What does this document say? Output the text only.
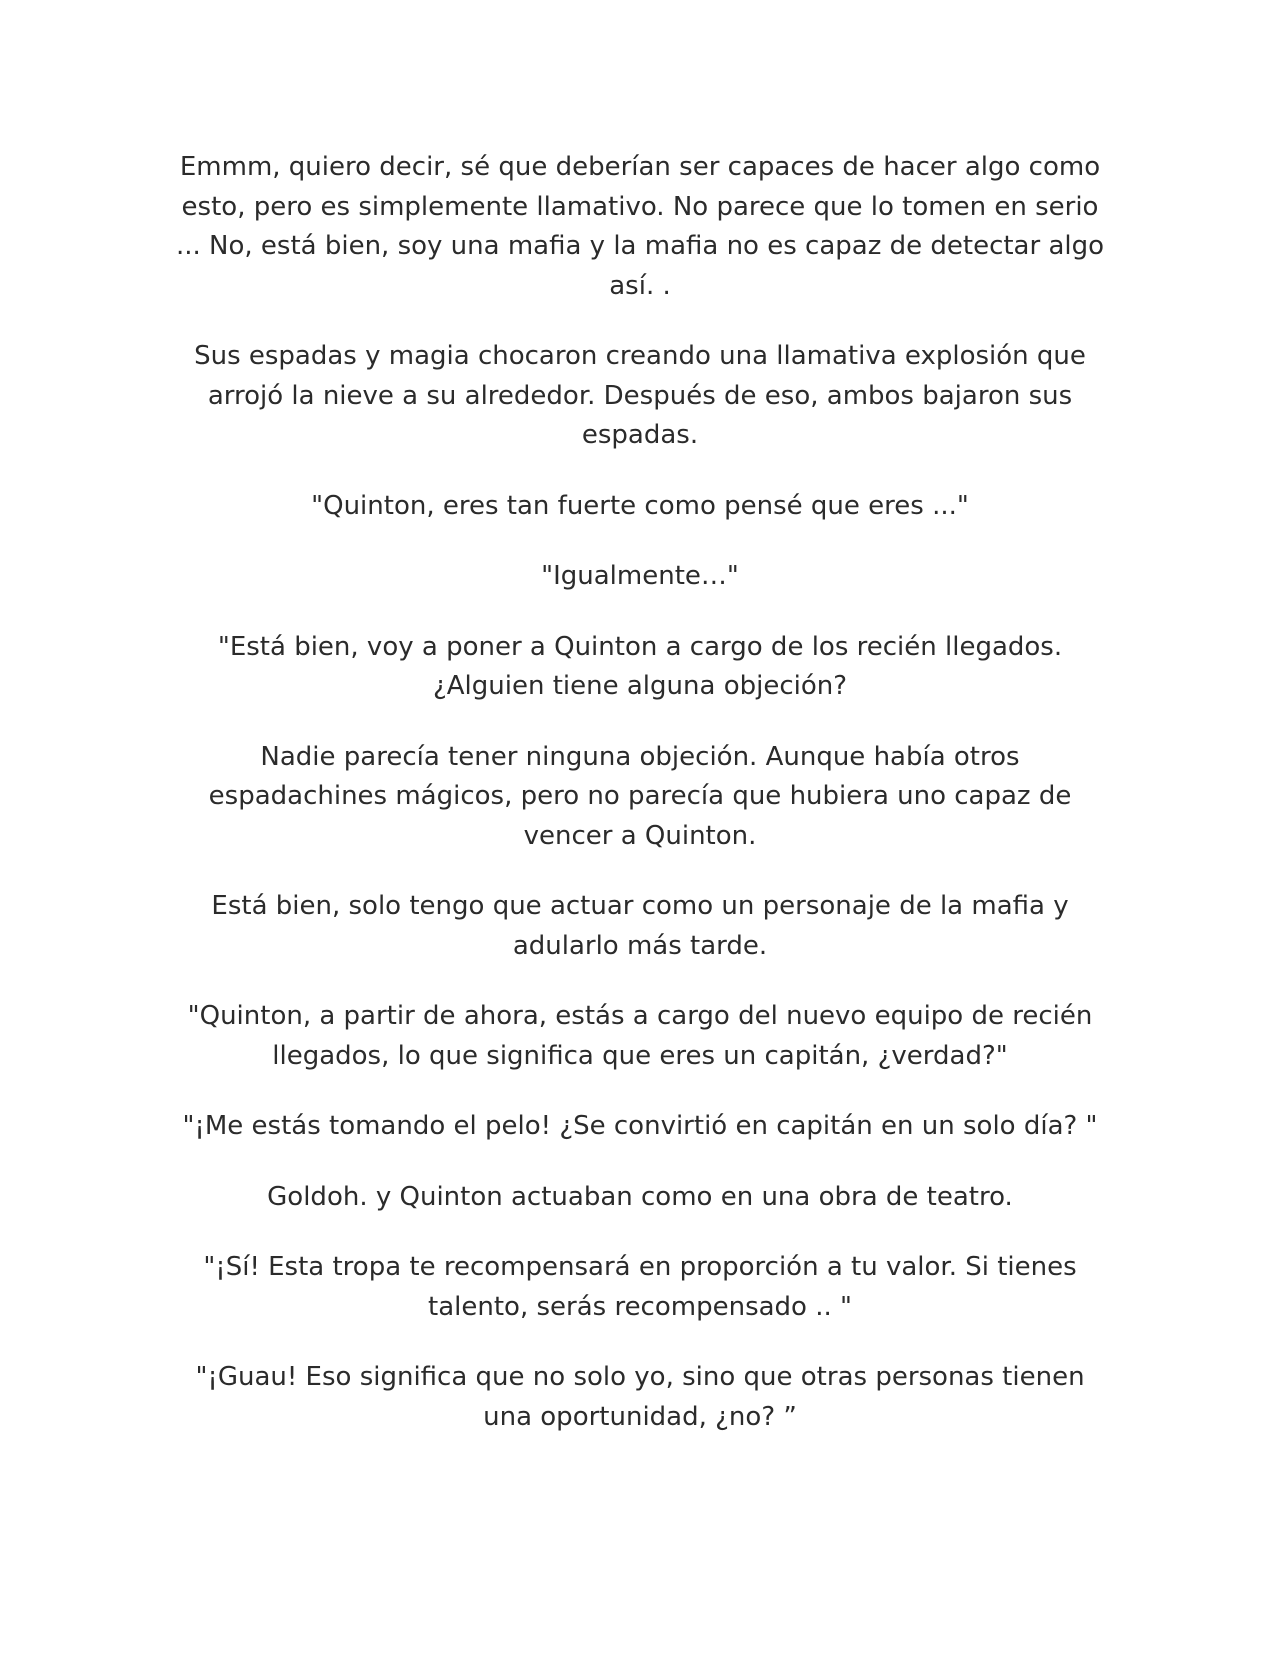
Emmm, quiero decir, sé que deberían ser capaces de hacer algo como esto, pero es simplemente llamativo. No parece que lo tomen en serio ... No, está bien, soy una mafia y la mafia no es capaz de detectar algo así. .

Sus espadas y magia chocaron creando una llamativa explosión que arrojó la nieve a su alrededor. Después de eso, ambos bajaron sus espadas.

"Quinton, eres tan fuerte como pensé que eres ..."

"Igualmente…"

"Está bien, voy a poner a Quinton a cargo de los recién llegados. ¿Alguien tiene alguna objeción?

Nadie parecía tener ninguna objeción. Aunque había otros espadachines mágicos, pero no parecía que hubiera uno capaz de vencer a Quinton.

Está bien, solo tengo que actuar como un personaje de la mafia y adularlo más tarde.

"Quinton, a partir de ahora, estás a cargo del nuevo equipo de recién llegados, lo que significa que eres un capitán, ¿verdad?"

"¡Me estás tomando el pelo! ¿Se convirtió en capitán en un solo día? "

Goldoh. y Quinton actuaban como en una obra de teatro.

"¡Sí! Esta tropa te recompensará en proporción a tu valor. Si tienes talento, serás recompensado .. "

"¡Guau! Eso significa que no solo yo, sino que otras personas tienen una oportunidad, ¿no? ”
